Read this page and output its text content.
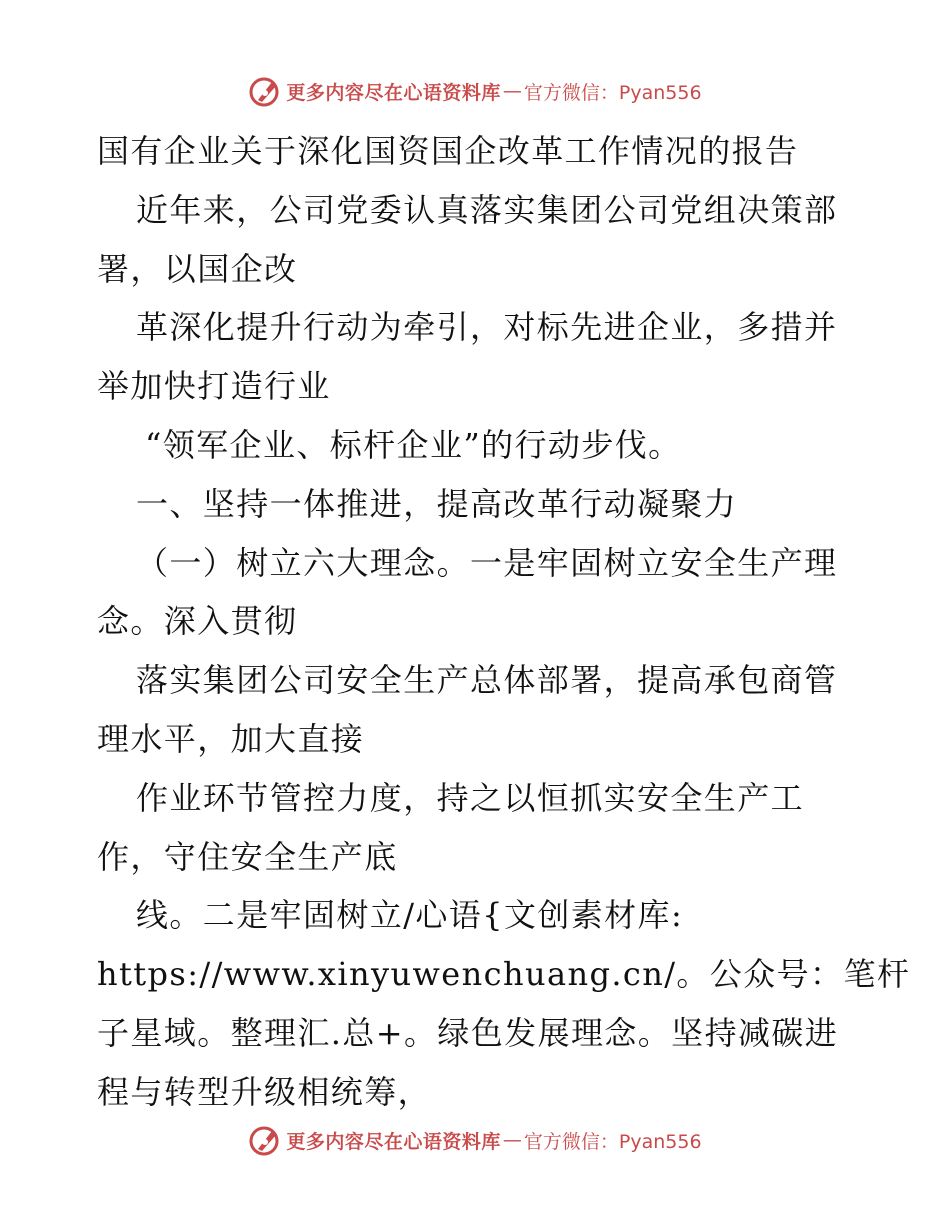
更多内容尽在心语资料库 — 官方微信：Pyan556
国有企业关于深化国资国企改革工作情况的报告
近年来，公司党委认真落实集团公司党组决策部
署，以国企改
革深化提升行动为牵引，对标先进企业，多措并
举加快打造行业
“领军企业、标杆企业”的行动步伐。
一、坚持一体推进，提高改革行动凝聚力
（一）树立六大理念。一是牢固树立安全生产理
念。深入贯彻
落实集团公司安全生产总体部署，提高承包商管
理水平，加大直接
作业环节管控力度，持之以恒抓实安全生产工
作，守住安全生产底
线。二是牢固树立/心语{文创素材库:
https://www.xinyuwenchuang.cn/。公众号：笔杆
子星域。整理汇.总+。绿色发展理念。坚持减碳进
程与转型升级相统筹，
更多内容尽在心语资料库 — 官方微信：Pyan556
